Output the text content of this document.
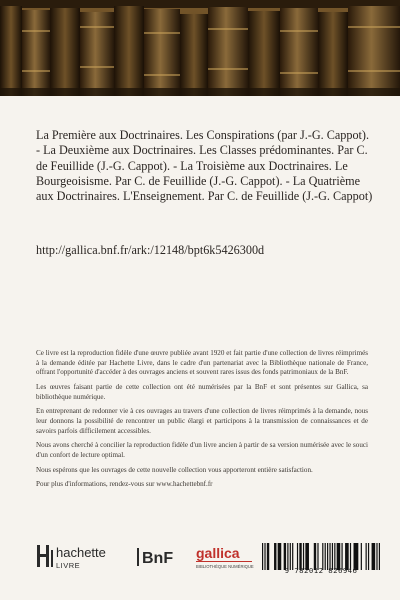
La Première aux Doctrinaires. Les Conspirations (par J.-G. Cappot). - La Deuxième aux Doctrinaires. Les Classes prédominantes. Par C. de Feuillide (J.-G. Cappot). - La Troisième aux Doctrinaires. Le Bourgeoisisme. Par C. de Feuillide (J.-G. Cappot). - La Quatrième aux Doctrinaires. L'Enseignement. Par C. de Feuillide (J.-G. Cappot)
http://gallica.bnf.fr/ark:/12148/bpt6k5426300d

Ce livre est la reproduction fidèle d'une œuvre publiée avant 1920 et fait partie d'une collection de livres réimprimés à la demande éditée par Hachette Livre, dans le cadre d'un partenariat avec la Bibliothèque nationale de France, offrant l'opportunité d'accéder à des ouvrages anciens et souvent rares issus des fonds patrimoniaux de la BnF.

Les œuvres faisant partie de cette collection ont été numérisées par la BnF et sont présentes sur Gallica, sa bibliothèque numérique.

En entreprenant de redonner vie à ces ouvrages au travers d'une collection de livres réimprimés à la demande, nous leur donnons la possibilité de rencontrer un public élargi et participons à la transmission de connaissances et de savoirs parfois difficilement accessibles.

Nous avons cherché à concilier la reproduction fidèle d'un livre ancien à partir de sa version numérisée avec le souci d'un confort de lecture optimal.

Nous espérons que les ouvrages de cette nouvelle collection vous apporteront entière satisfaction.

Pour plus d'informations, rendez-vous sur www.hachettebnf.fr

hachette
LIVRE	BnF gallica
BIBLIOTHÈQUE NUMÉRIQUE	9 782012 826946
